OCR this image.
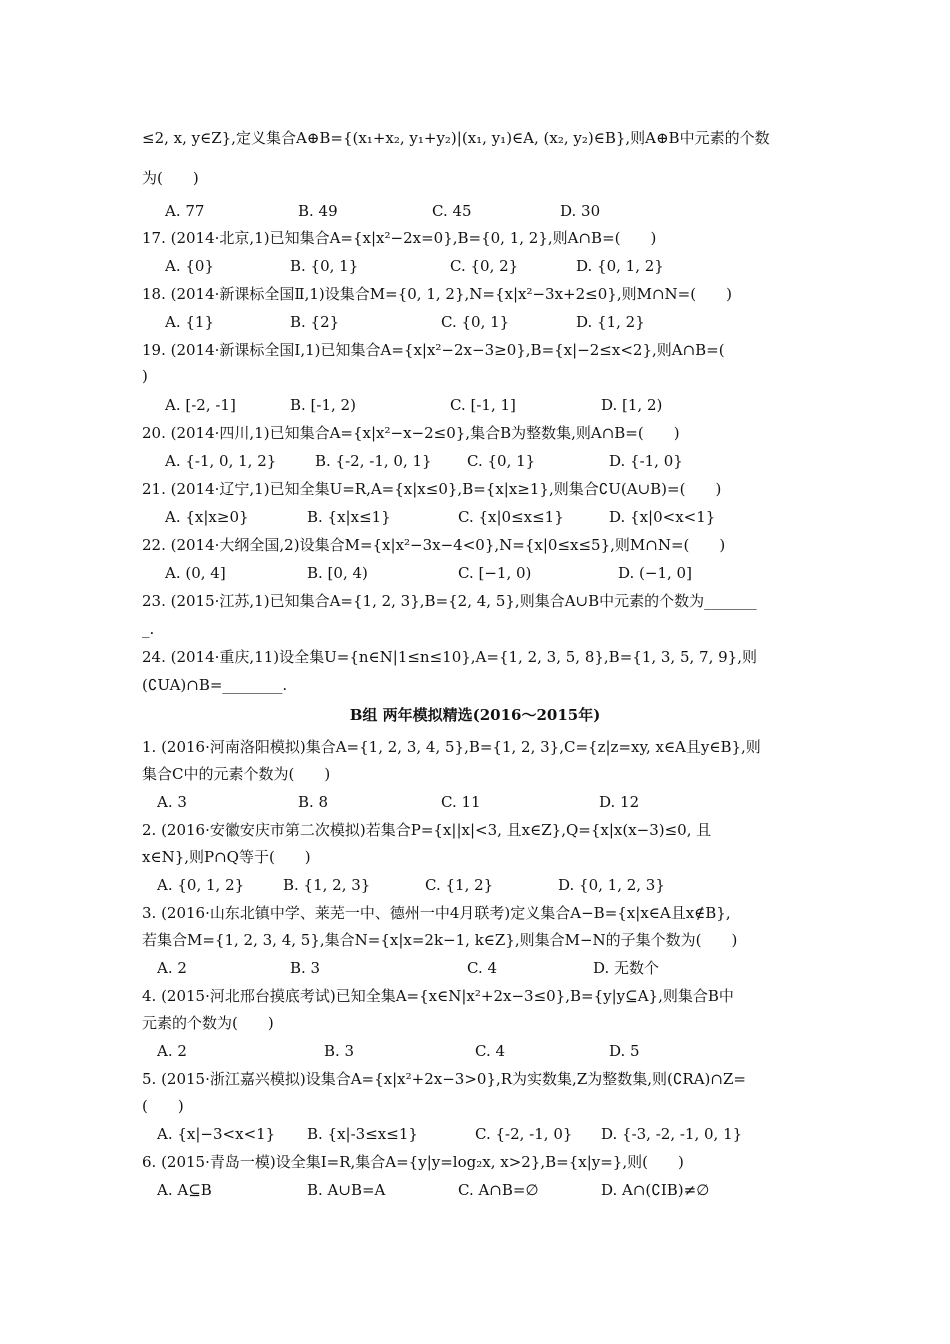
≤2, x, y∈Z},定义集合A⊕B={(x₁+x₂, y₁+y₂)|(x₁, y₁)∈A, (x₂, y₂)∈B},则A⊕B中元素的个数
为(　　)
A. 77	B. 49	C. 45	D. 30
17. (2014·北京,1)已知集合A={x|x²−2x=0},B={0, 1, 2},则A∩B=(　　)
A. {0}	B. {0, 1}	C. {0, 2}	D. {0, 1, 2}
18. (2014·新课标全国Ⅱ,1)设集合M={0, 1, 2},N={x|x²−3x+2≤0},则M∩N=(　　)
A. {1}	B. {2}	C. {0, 1}	D. {1, 2}
19. (2014·新课标全国Ⅰ,1)已知集合A={x|x²−2x−3≥0},B={x|−2≤x<2},则A∩B=(
)
A. [-2, -1]	B. [-1, 2)	C. [-1, 1]	D. [1, 2)
20. (2014·四川,1)已知集合A={x|x²−x−2≤0},集合B为整数集,则A∩B=(　　)
A. {-1, 0, 1, 2}	B. {-2, -1, 0, 1} C. {0, 1}	D. {-1, 0}
21. (2014·辽宁,1)已知全集U=R,A={x|x≤0},B={x|x≥1},则集合∁U(A∪B)=(　　)
A. {x|x≥0}	B. {x|x≤1}	C. {x|0≤x≤1}	D. {x|0<x<1}
22. (2014·大纲全国,2)设集合M={x|x²−3x−4<0},N={x|0≤x≤5},则M∩N=(　　)
A. (0, 4]	B. [0, 4)	C. [−1, 0)	D. (−1, 0]
23. (2015·江苏,1)已知集合A={1, 2, 3},B={2, 4, 5},则集合A∪B中元素的个数为_______
_.
24. (2014·重庆,11)设全集U={n∈N|1≤n≤10},A={1, 2, 3, 5, 8},B={1, 3, 5, 7, 9},则
(∁UA)∩B=________.
B组 两年模拟精选(2016～2015年)
1. (2016·河南洛阳模拟)集合A={1, 2, 3, 4, 5},B={1, 2, 3},C={z|z=xy, x∈A且y∈B},则
集合C中的元素个数为(　　)
A. 3	B. 8	C. 11	D. 12
2. (2016·安徽安庆市第二次模拟)若集合P={x||x|<3, 且x∈Z},Q={x|x(x−3)≤0, 且
x∈N},则P∩Q等于(　　)
A. {0, 1, 2}	B. {1, 2, 3}	C. {1, 2}	D. {0, 1, 2, 3}
3. (2016·山东北镇中学、莱芜一中、德州一中4月联考)定义集合A−B={x|x∈A且x∉B},
若集合M={1, 2, 3, 4, 5},集合N={x|x=2k−1, k∈Z},则集合M−N的子集个数为(　　)
A. 2	B. 3	C. 4	D. 无数个
4. (2015·河北邢台摸底考试)已知全集A={x∈N|x²+2x−3≤0},B={y|y⊆A},则集合B中
元素的个数为(　　)
A. 2	B. 3	C. 4	D. 5
5. (2015·浙江嘉兴模拟)设集合A={x|x²+2x−3>0},R为实数集,Z为整数集,则(∁RA)∩Z=
(　　)
A. {x|−3<x<1} B. {x|-3≤x≤1}	C. {-2, -1, 0} D. {-3, -2, -1, 0, 1}
6. (2015·青岛一模)设全集I=R,集合A={y|y=log₂x, x>2},B={x|y=},则(　　)
A. A⊆B	B. A∪B=A	C. A∩B=∅	D. A∩(∁IB)≠∅
